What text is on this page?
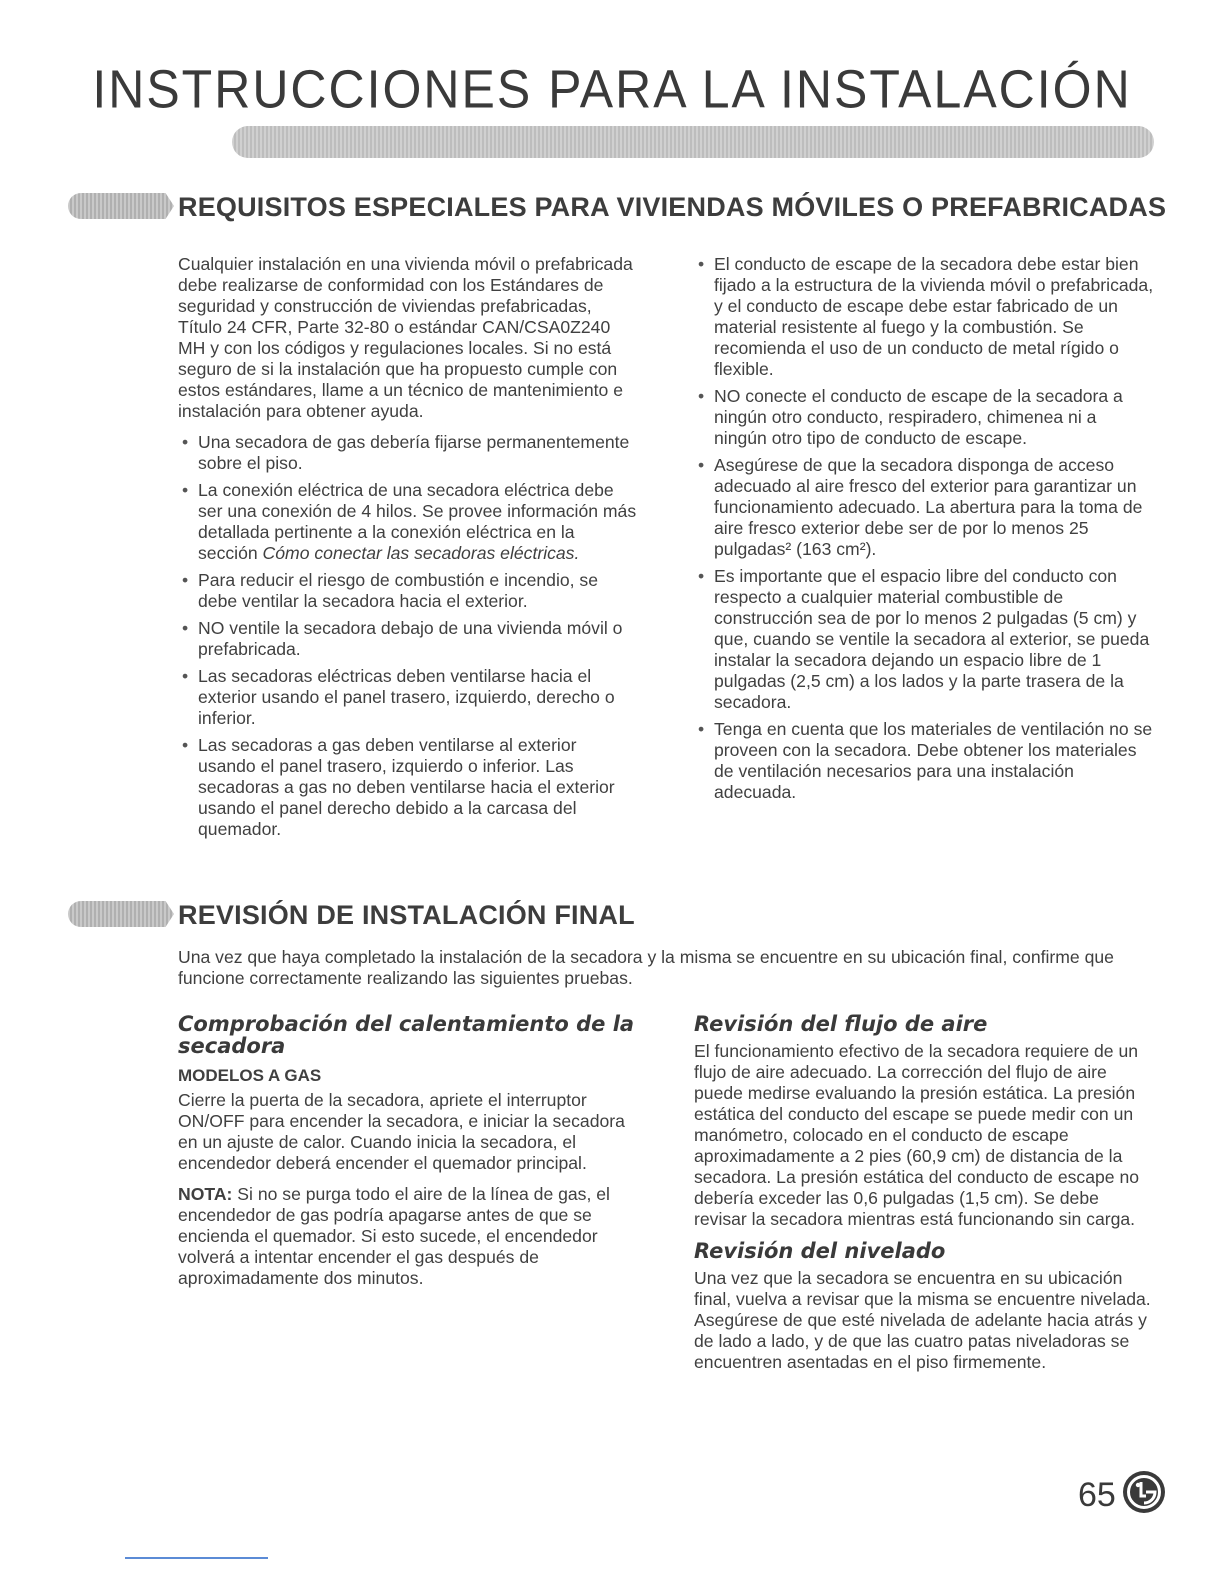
INSTRUCCIONES PARA LA INSTALACIÓN
REQUISITOS ESPECIALES PARA VIVIENDAS MÓVILES O PREFABRICADAS

Cualquier instalación en una vivienda móvil o prefabricada debe realizarse de conformidad con los Estándares de seguridad y construcción de viviendas prefabricadas, Título 24 CFR, Parte 32-80 o estándar CAN/CSA0Z240 MH y con los códigos y regulaciones locales. Si no está seguro de si la instalación que ha propuesto cumple con estos estándares, llame a un técnico de mantenimiento e instalación para obtener ayuda.

• Una secadora de gas debería fijarse permanentemente sobre el piso.
• La conexión eléctrica de una secadora eléctrica debe ser una conexión de 4 hilos. Se provee información más detallada pertinente a la conexión eléctrica en la sección Cómo conectar las secadoras eléctricas.
• Para reducir el riesgo de combustión e incendio, se debe ventilar la secadora hacia el exterior.
• NO ventile la secadora debajo de una vivienda móvil o prefabricada.
• Las secadoras eléctricas deben ventilarse hacia el exterior usando el panel trasero, izquierdo, derecho o inferior.
• Las secadoras a gas deben ventilarse al exterior usando el panel trasero, izquierdo o inferior. Las secadoras a gas no deben ventilarse hacia el exterior usando el panel derecho debido a la carcasa del quemador.
• El conducto de escape de la secadora debe estar bien fijado a la estructura de la vivienda móvil o prefabricada, y el conducto de escape debe estar fabricado de un material resistente al fuego y la combustión. Se recomienda el uso de un conducto de metal rígido o flexible.
• NO conecte el conducto de escape de la secadora a ningún otro conducto, respiradero, chimenea ni a ningún otro tipo de conducto de escape.
• Asegúrese de que la secadora disponga de acceso adecuado al aire fresco del exterior para garantizar un funcionamiento adecuado. La abertura para la toma de aire fresco exterior debe ser de por lo menos 25 pulgadas² (163 cm²).
• Es importante que el espacio libre del conducto con respecto a cualquier material combustible de construcción sea de por lo menos 2 pulgadas (5 cm) y que, cuando se ventile la secadora al exterior, se pueda instalar la secadora dejando un espacio libre de 1 pulgadas (2,5 cm) a los lados y la parte trasera de la secadora.
• Tenga en cuenta que los materiales de ventilación no se proveen con la secadora. Debe obtener los materiales de ventilación necesarios para una instalación adecuada.
REVISIÓN DE INSTALACIÓN FINAL

Una vez que haya completado la instalación de la secadora y la misma se encuentre en su ubicación final, confirme que funcione correctamente realizando las siguientes pruebas.

Comprobación del calentamiento de la secadora
MODELOS A GAS

Cierre la puerta de la secadora, apriete el interruptor ON/OFF para encender la secadora, e iniciar la secadora en un ajuste de calor. Cuando inicia la secadora, el encendedor deberá encender el quemador principal.

NOTA: Si no se purga todo el aire de la línea de gas, el encendedor de gas podría apagarse antes de que se encienda el quemador. Si esto sucede, el encendedor volverá a intentar encender el gas después de aproximadamente dos minutos.

Revisión del flujo de aire

El funcionamiento efectivo de la secadora requiere de un flujo de aire adecuado. La corrección del flujo de aire puede medirse evaluando la presión estática. La presión estática del conducto del escape se puede medir con un manómetro, colocado en el conducto de escape aproximadamente a 2 pies (60,9 cm) de distancia de la secadora. La presión estática del conducto de escape no debería exceder las 0,6 pulgadas (1,5 cm). Se debe revisar la secadora mientras está funcionando sin carga.

Revisión del nivelado

Una vez que la secadora se encuentra en su ubicación final, vuelva a revisar que la misma se encuentre nivelada. Asegúrese de que esté nivelada de adelante hacia atrás y de lado a lado, y de que las cuatro patas niveladoras se encuentren asentadas en el piso firmemente.

65
